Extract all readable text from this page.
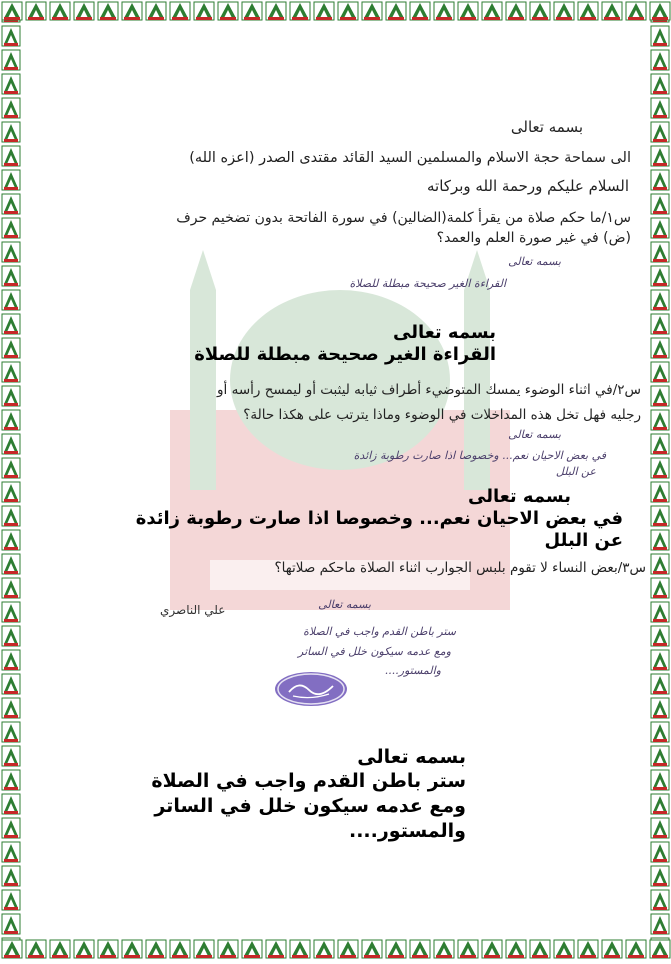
بسمه تعالى
الى سماحة حجة الاسلام والمسلمين السيد القائد مقتدى الصدر (اعزه الله)
السلام عليكم ورحمة الله وبركاته
س١/ما حكم صلاة من يقرأ كلمة(الضالين) في سورة الفاتحة بدون تضخيم حرف
(ض) في غير صورة العلم والعمد؟
بسمه تعالى
القراءة الغير صحيحة مبطلة للصلاة
بسمه تعالى
القراءة الغير صحيحة مبطلة للصلاة
س٢/في اثناء الوضوء يمسك المتوضيء أطراف ثيابه ليثبت أو ليمسح رأسه أو
رجليه فهل تخل هذه المداخلات في الوضوء وماذا يترتب على هكذا حالة؟
بسمه تعالى
في بعض الاحيان نعم... وخصوصا اذا صارت رطوبة زائدة
عن البلل
بسمه تعالى
في بعض الاحيان نعم... وخصوصا اذا صارت رطوبة زائدة
عن البلل
س٣/بعض النساء لا تقوم بلبس الجوارب اثناء الصلاة ماحكم صلاتها؟
بسمه تعالى
علي الناصري
ستر باطن القدم واجب في الصلاة
ومع عدمه سيكون خلل في الساتر
والمستور....
بسمه تعالى
ستر باطن القدم واجب في الصلاة
ومع عدمه سيكون خلل في الساتر
والمستور....
